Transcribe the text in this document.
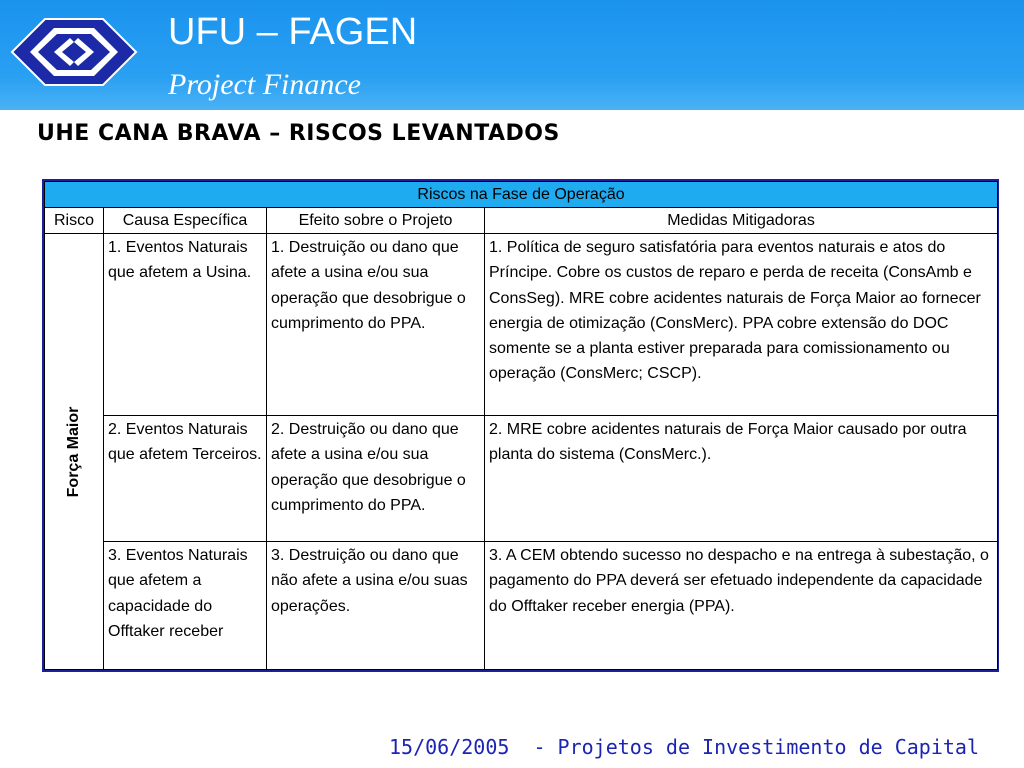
UFU – FAGEN
Project Finance
UHE CANA BRAVA – RISCOS LEVANTADOS
Riscos na Fase de Operação			
Risco	Causa Específica	Efeito sobre o Projeto	Medidas Mitigadoras

Força Maior	1. Eventos Naturais que afetem a Usina.	1. Destruição ou dano que afete a usina e/ou sua operação que desobrigue o cumprimento do PPA.	1. Política de seguro satisfatória para eventos naturais e atos do Príncipe. Cobre os custos de reparo e perda de receita (ConsAmb e ConsSeg). MRE cobre acidentes naturais de Força Maior ao fornecer energia de otimização (ConsMerc). PPA cobre extensão do DOC somente se a planta estiver preparada para comissionamento ou operação (ConsMerc; CSCP).
	2. Eventos Naturais que afetem Terceiros.	2. Destruição ou dano que afete a usina e/ou sua operação que desobrigue o cumprimento do PPA.	2. MRE cobre acidentes naturais de Força Maior causado por outra planta do sistema (ConsMerc.).
	3. Eventos Naturais que afetem a capacidade do Offtaker receber	3. Destruição ou dano que não afete a usina e/ou suas operações.	3. A CEM obtendo sucesso no despacho e na entrega à subestação, o pagamento do PPA deverá ser efetuado independente da capacidade do Offtaker receber energia (PPA).
15/06/2005  - Projetos de Investimento de Capital
